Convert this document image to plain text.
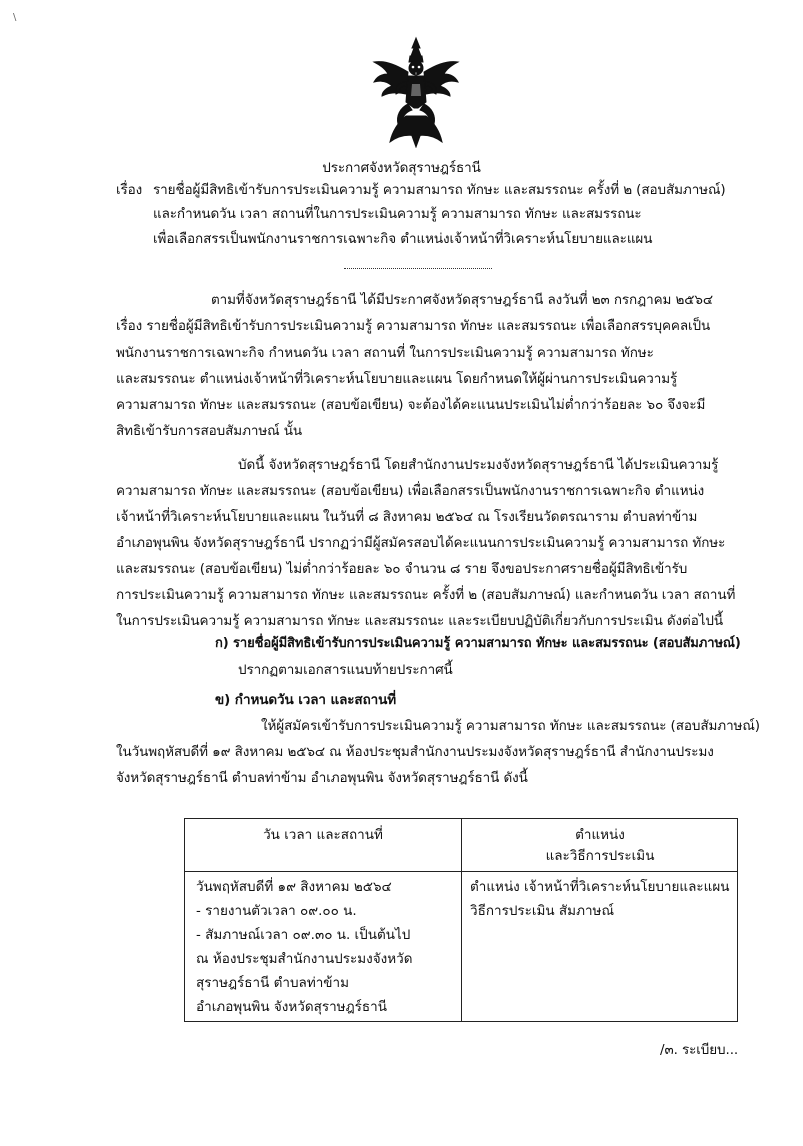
\
ประกาศจังหวัดสุราษฎร์ธานี
เรื่อง รายชื่อผู้มีสิทธิเข้ารับการประเมินความรู้ ความสามารถ ทักษะ และสมรรถนะ ครั้งที่ ๒ (สอบสัมภาษณ์)
และกำหนดวัน เวลา สถานที่ในการประเมินความรู้ ความสามารถ ทักษะ และสมรรถนะ
เพื่อเลือกสรรเป็นพนักงานราชการเฉพาะกิจ ตำแหน่งเจ้าหน้าที่วิเคราะห์นโยบายและแผน
ตามที่จังหวัดสุราษฎร์ธานี ได้มีประกาศจังหวัดสุราษฎร์ธานี ลงวันที่ ๒๓ กรกฎาคม ๒๕๖๔
เรื่อง รายชื่อผู้มีสิทธิเข้ารับการประเมินความรู้ ความสามารถ ทักษะ และสมรรถนะ เพื่อเลือกสรรบุคคลเป็น
พนักงานราชการเฉพาะกิจ กำหนดวัน เวลา สถานที่ ในการประเมินความรู้ ความสามารถ ทักษะ
และสมรรถนะ ตำแหน่งเจ้าหน้าที่วิเคราะห์นโยบายและแผน โดยกำหนดให้ผู้ผ่านการประเมินความรู้
ความสามารถ ทักษะ และสมรรถนะ (สอบข้อเขียน) จะต้องได้คะแนนประเมินไม่ต่ำกว่าร้อยละ ๖๐ จึงจะมี
สิทธิเข้ารับการสอบสัมภาษณ์ นั้น
บัดนี้ จังหวัดสุราษฎร์ธานี โดยสำนักงานประมงจังหวัดสุราษฎร์ธานี ได้ประเมินความรู้
ความสามารถ ทักษะ และสมรรถนะ (สอบข้อเขียน) เพื่อเลือกสรรเป็นพนักงานราชการเฉพาะกิจ ตำแหน่ง
เจ้าหน้าที่วิเคราะห์นโยบายและแผน ในวันที่ ๘ สิงหาคม ๒๕๖๔ ณ โรงเรียนวัดตรณาราม ตำบลท่าข้าม
อำเภอพุนพิน จังหวัดสุราษฎร์ธานี ปรากฏว่ามีผู้สมัครสอบได้คะแนนการประเมินความรู้ ความสามารถ ทักษะ
และสมรรถนะ (สอบข้อเขียน) ไม่ต่ำกว่าร้อยละ ๖๐ จำนวน ๘ ราย จึงขอประกาศรายชื่อผู้มีสิทธิเข้ารับ
การประเมินความรู้ ความสามารถ ทักษะ และสมรรถนะ ครั้งที่ ๒ (สอบสัมภาษณ์) และกำหนดวัน เวลา สถานที่
ในการประเมินความรู้ ความสามารถ ทักษะ และสมรรถนะ และระเบียบปฏิบัติเกี่ยวกับการประเมิน ดังต่อไปนี้
ก) รายชื่อผู้มีสิทธิเข้ารับการประเมินความรู้ ความสามารถ ทักษะ และสมรรถนะ (สอบสัมภาษณ์)
ปรากฏตามเอกสารแนบท้ายประกาศนี้
ข) กำหนดวัน เวลา และสถานที่
ให้ผู้สมัครเข้ารับการประเมินความรู้ ความสามารถ ทักษะ และสมรรถนะ (สอบสัมภาษณ์)
ในวันพฤหัสบดีที่ ๑๙ สิงหาคม ๒๕๖๔ ณ ห้องประชุมสำนักงานประมงจังหวัดสุราษฎร์ธานี สำนักงานประมง
จังหวัดสุราษฎร์ธานี ตำบลท่าข้าม อำเภอพุนพิน จังหวัดสุราษฎร์ธานี ดังนี้
วัน เวลา และสถานที่	ตำแหน่ง
และวิธีการประเมิน
วันพฤหัสบดีที่ ๑๙ สิงหาคม ๒๕๖๔
- รายงานตัวเวลา ๐๙.๐๐ น.
- สัมภาษณ์เวลา ๐๙.๓๐ น. เป็นต้นไป
ณ ห้องประชุมสำนักงานประมงจังหวัด
สุราษฎร์ธานี ตำบลท่าข้าม
อำเภอพุนพิน จังหวัดสุราษฎร์ธานี
ตำแหน่ง เจ้าหน้าที่วิเคราะห์นโยบายและแผน
วิธีการประเมิน สัมภาษณ์
/๓. ระเบียบ...
